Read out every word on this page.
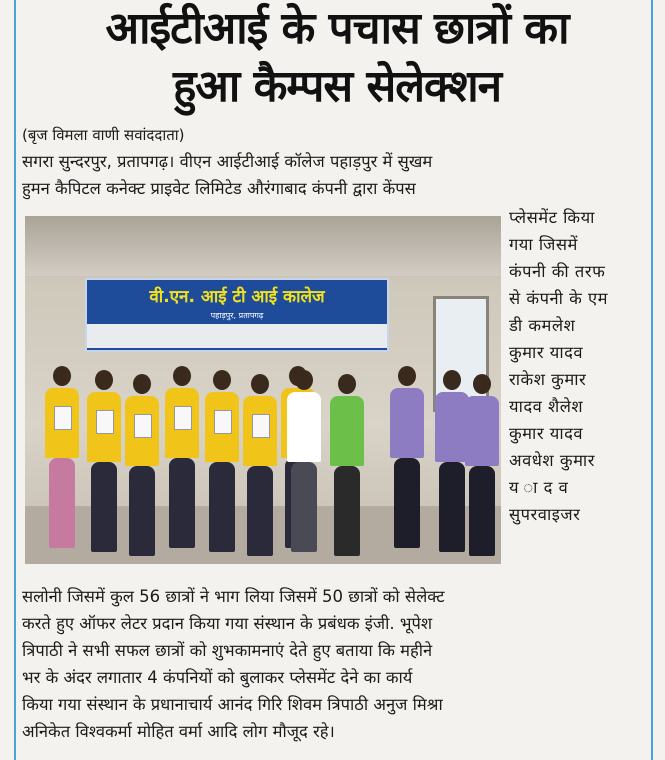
आईटीआई के पचास छात्रों का
हुआ कैम्पस सेलेक्शन
(बृज विमला वाणी सवांददाता)
सगरा सुन्दरपुर, प्रतापगढ़। वीएन आईटीआई कॉलेज पहाड़पुर में सुखम
हुमन कैपिटल कनेक्ट प्राइवेट लिमिटेड औरंगाबाद कंपनी द्वारा केंपस
वी.एन. आई टी आई कालेज
पहाड़पुर, प्रतापगढ़
प्लेसमेंट किया
गया जिसमें
कंपनी की तरफ
से कंपनी के एम
डी कमलेश
कुमार यादव
राकेश कुमार
यादव शैलेश
कुमार यादव
अवधेश कुमार
य ा द व
सुपरवाइजर
सलोनी जिसमें कुल 56 छात्रों ने भाग लिया जिसमें 50 छात्रों को सेलेक्ट
करते हुए ऑफर लेटर प्रदान किया गया संस्थान के प्रबंधक इंजी. भूपेश
त्रिपाठी ने सभी सफल छात्रों को शुभकामनाएं देते हुए बताया कि महीने
भर के अंदर लगातार 4 कंपनियों को बुलाकर प्लेसमेंट देने का कार्य
किया गया संस्थान के प्रधानाचार्य आनंद गिरि शिवम त्रिपाठी अनुज मिश्रा
अनिकेत विश्वकर्मा मोहित वर्मा आदि लोग मौजूद रहे।
